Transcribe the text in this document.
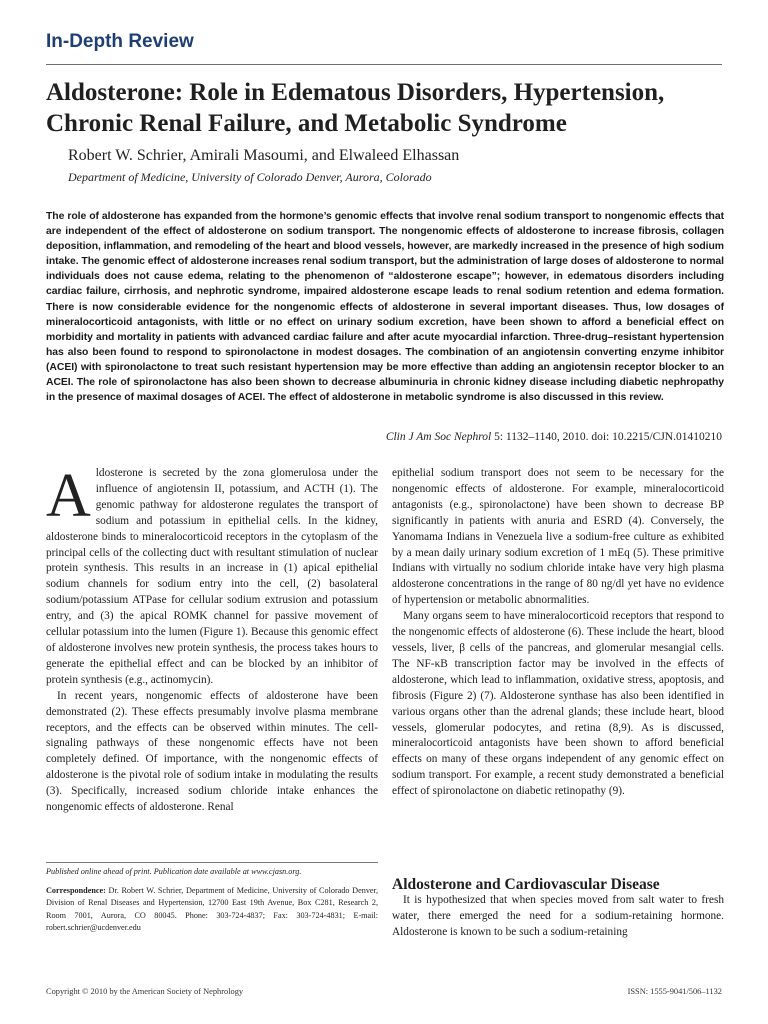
In-Depth Review
Aldosterone: Role in Edematous Disorders, Hypertension, Chronic Renal Failure, and Metabolic Syndrome

Robert W. Schrier, Amirali Masoumi, and Elwaleed Elhassan

Department of Medicine, University of Colorado Denver, Aurora, Colorado

The role of aldosterone has expanded from the hormone’s genomic effects that involve renal sodium transport to nongenomic effects that are independent of the effect of aldosterone on sodium transport. The nongenomic effects of aldosterone to increase fibrosis, collagen deposition, inflammation, and remodeling of the heart and blood vessels, however, are markedly increased in the presence of high sodium intake. The genomic effect of aldosterone increases renal sodium transport, but the administration of large doses of aldosterone to normal individuals does not cause edema, relating to the phenomenon of “aldosterone escape”; however, in edematous disorders including cardiac failure, cirrhosis, and nephrotic syndrome, impaired aldosterone escape leads to renal sodium retention and edema formation. There is now considerable evidence for the nongenomic effects of aldosterone in several important diseases. Thus, low dosages of mineralocorticoid antagonists, with little or no effect on urinary sodium excretion, have been shown to afford a beneficial effect on morbidity and mortality in patients with advanced cardiac failure and after acute myocardial infarction. Three-drug–resistant hypertension has also been found to respond to spironolactone in modest dosages. The combination of an angiotensin converting enzyme inhibitor (ACEI) with spironolactone to treat such resistant hypertension may be more effective than adding an angiotensin receptor blocker to an ACEI. The role of spironolactone has also been shown to decrease albuminuria in chronic kidney disease including diabetic nephropathy in the presence of maximal dosages of ACEI. The effect of aldosterone in metabolic syndrome is also discussed in this review.

Clin J Am Soc Nephrol 5: 1132–1140, 2010. doi: 10.2215/CJN.01410210

Aldosterone is secreted by the zona glomerulosa under the influence of angiotensin II, potassium, and ACTH (1). The genomic pathway for aldosterone regulates the transport of sodium and potassium in epithelial cells. In the kidney, aldosterone binds to mineralocorticoid receptors in the cytoplasm of the principal cells of the collecting duct with resultant stimulation of nuclear protein synthesis. This results in an increase in (1) apical epithelial sodium channels for sodium entry into the cell, (2) basolateral sodium/potassium ATPase for cellular sodium extrusion and potassium entry, and (3) the apical ROMK channel for passive movement of cellular potassium into the lumen (Figure 1). Because this genomic effect of aldosterone involves new protein synthesis, the process takes hours to generate the epithelial effect and can be blocked by an inhibitor of protein synthesis (e.g., actinomycin).

In recent years, nongenomic effects of aldosterone have been demonstrated (2). These effects presumably involve plasma membrane receptors, and the effects can be observed within minutes. The cell-signaling pathways of these nongenomic effects have not been completely defined. Of importance, with the nongenomic effects of aldosterone is the pivotal role of sodium intake in modulating the results (3). Specifically, increased sodium chloride intake enhances the nongenomic effects of aldosterone. Renal

epithelial sodium transport does not seem to be necessary for the nongenomic effects of aldosterone. For example, mineralocorticoid antagonists (e.g., spironolactone) have been shown to decrease BP significantly in patients with anuria and ESRD (4). Conversely, the Yanomama Indians in Venezuela live a sodium-free culture as exhibited by a mean daily urinary sodium excretion of 1 mEq (5). These primitive Indians with virtually no sodium chloride intake have very high plasma aldosterone concentrations in the range of 80 ng/dl yet have no evidence of hypertension or metabolic abnormalities.

Many organs seem to have mineralocorticoid receptors that respond to the nongenomic effects of aldosterone (6). These include the heart, blood vessels, liver, β cells of the pancreas, and glomerular mesangial cells. The NF-κB transcription factor may be involved in the effects of aldosterone, which lead to inflammation, oxidative stress, apoptosis, and fibrosis (Figure 2) (7). Aldosterone synthase has also been identified in various organs other than the adrenal glands; these include heart, blood vessels, glomerular podocytes, and retina (8,9). As is discussed, mineralocorticoid antagonists have been shown to afford beneficial effects on many of these organs independent of any genomic effect on sodium transport. For example, a recent study demonstrated a beneficial effect of spironolactone on diabetic retinopathy (9).

Published online ahead of print. Publication date available at www.cjasn.org.

Correspondence: Dr. Robert W. Schrier, Department of Medicine, University of Colorado Denver, Division of Renal Diseases and Hypertension, 12700 East 19th Avenue, Box C281, Research 2, Room 7001, Aurora, CO 80045. Phone: 303-724-4837; Fax: 303-724-4831; E-mail: robert.schrier@ucdenver.edu

Aldosterone and Cardiovascular Disease

It is hypothesized that when species moved from salt water to fresh water, there emerged the need for a sodium-retaining hormone. Aldosterone is known to be such a sodium-retaining

Copyright © 2010 by the American Society of Nephrology	ISSN: 1555-9041/506–1132
